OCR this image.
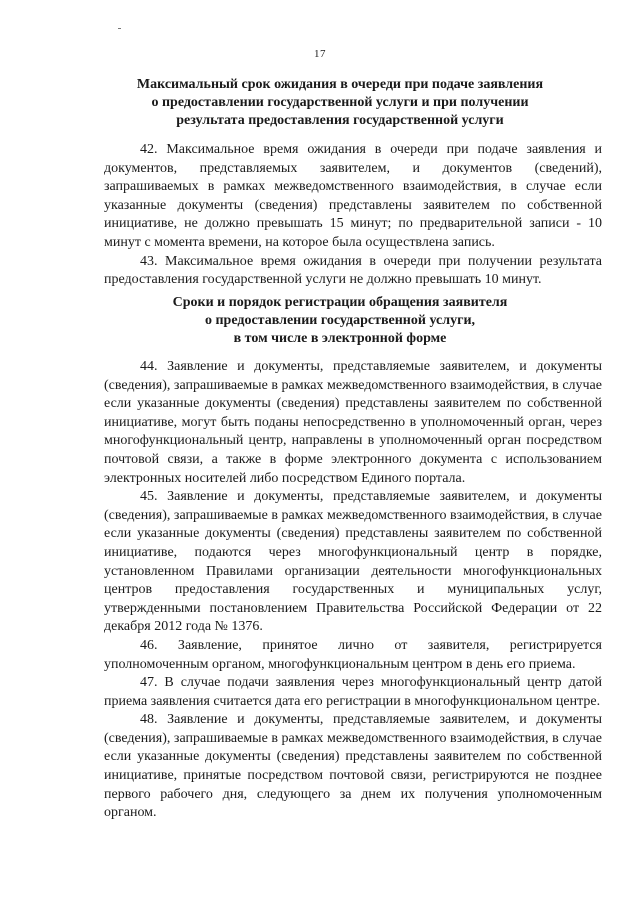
17
Максимальный срок ожидания в очереди при подаче заявления
о предоставлении государственной услуги и при получении
результата предоставления государственной услуги

42. Максимальное время ожидания в очереди при подаче заявления и документов, представляемых заявителем, и документов (сведений), запрашиваемых в рамках межведомственного взаимодействия, в случае если указанные документы (сведения) представлены заявителем по собственной инициативе, не должно превышать 15 минут; по предварительной записи - 10 минут с момента времени, на которое была осуществлена запись.

43. Максимальное время ожидания в очереди при получении результата предоставления государственной услуги не должно превышать 10 минут.

Сроки и порядок регистрации обращения заявителя
о предоставлении государственной услуги,
в том числе в электронной форме

44. Заявление и документы, представляемые заявителем, и документы (сведения), запрашиваемые в рамках межведомственного взаимодействия, в случае если указанные документы (сведения) представлены заявителем по собственной инициативе, могут быть поданы непосредственно в уполномоченный орган, через многофункциональный центр, направлены в уполномоченный орган посредством почтовой связи, а также в форме электронного документа с использованием электронных носителей либо посредством Единого портала.

45. Заявление и документы, представляемые заявителем, и документы (сведения), запрашиваемые в рамках межведомственного взаимодействия, в случае если указанные документы (сведения) представлены заявителем по собственной инициативе, подаются через многофункциональный центр в порядке, установленном Правилами организации деятельности многофункциональных центров предоставления государственных и муниципальных услуг, утвержденными постановлением Правительства Российской Федерации от 22 декабря 2012 года № 1376.

46. Заявление, принятое лично от заявителя, регистрируется уполномоченным органом, многофункциональным центром в день его приема.

47. В случае подачи заявления через многофункциональный центр датой приема заявления считается дата его регистрации в многофункциональном центре.

48. Заявление и документы, представляемые заявителем, и документы (сведения), запрашиваемые в рамках межведомственного взаимодействия, в случае если указанные документы (сведения) представлены заявителем по собственной инициативе, принятые посредством почтовой связи, регистрируются не позднее первого рабочего дня, следующего за днем их получения уполномоченным органом.
